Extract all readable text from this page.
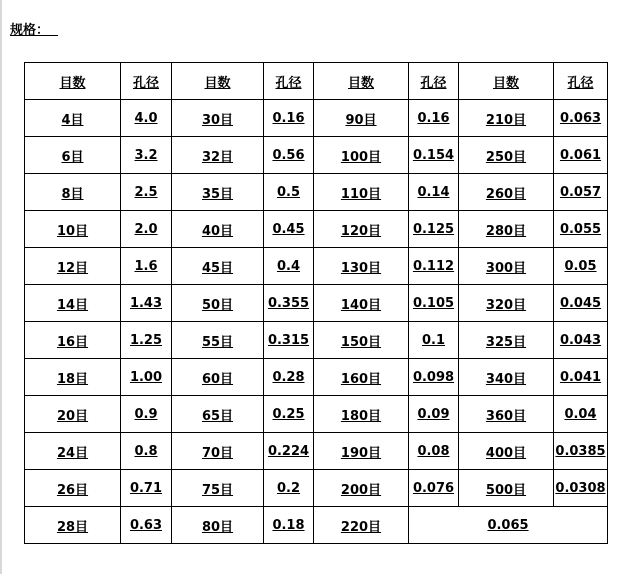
规格：
目数	孔径	目数	孔径	目数	孔径	目数	孔径
4目	4.0	30目	0.16	90目	0.16	210目	0.063
6目	3.2	32目	0.56	100目	0.154	250目	0.061
8目	2.5	35目	0.5	110目	0.14	260目	0.057
10目	2.0	40目	0.45	120目	0.125	280目	0.055
12目	1.6	45目	0.4	130目	0.112	300目	0.05
14目	1.43	50目	0.355	140目	0.105	320目	0.045
16目	1.25	55目	0.315	150目	0.1	325目	0.043
18目	1.00	60目	0.28	160目	0.098	340目	0.041
20目	0.9	65目	0.25	180目	0.09	360目	0.04
24目	0.8	70目	0.224	190目	0.08	400目	0.0385
26目	0.71	75目	0.2	200目	0.076	500目	0.0308
28目	0.63	80目	0.18	220目	0.065		
